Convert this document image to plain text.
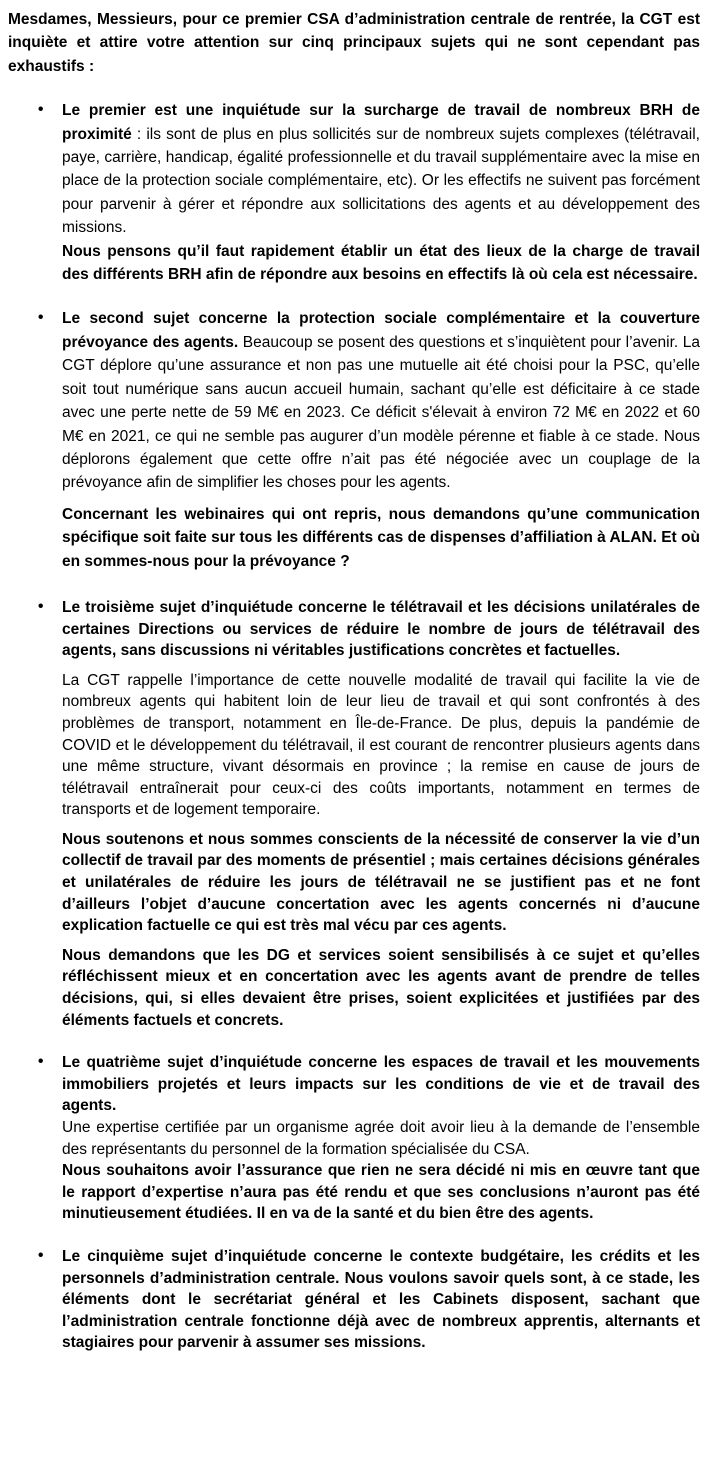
Mesdames, Messieurs, pour ce premier CSA d’administration centrale de rentrée, la CGT est inquiète et attire votre attention sur cinq principaux sujets qui ne sont cependant pas exhaustifs :

• Le premier est une inquiétude sur la surcharge de travail de nombreux BRH de proximité : ils sont de plus en plus sollicités sur de nombreux sujets complexes (télétravail, paye, carrière, handicap, égalité professionnelle et du travail supplémentaire avec la mise en place de la protection sociale complémentaire, etc). Or les effectifs ne suivent pas forcément pour parvenir à gérer et répondre aux sollicitations des agents et au développement des missions.

Nous pensons qu’il faut rapidement établir un état des lieux de la charge de travail des différents BRH afin de répondre aux besoins en effectifs là où cela est nécessaire.

• Le second sujet concerne la protection sociale complémentaire et la couverture prévoyance des agents. Beaucoup se posent des questions et s’inquiètent pour l’avenir. La CGT déplore qu’une assurance et non pas une mutuelle ait été choisi pour la PSC, qu’elle soit tout numérique sans aucun accueil humain, sachant qu’elle est déficitaire à ce stade avec une perte nette de 59 M€ en 2023. Ce déficit s'élevait à environ 72 M€ en 2022 et 60 M€ en 2021, ce qui ne semble pas augurer d’un modèle pérenne et fiable à ce stade. Nous déplorons également que cette offre n’ait pas été négociée avec un couplage de la prévoyance afin de simplifier les choses pour les agents.

Concernant les webinaires qui ont repris, nous demandons qu’une communication spécifique soit faite sur tous les différents cas de dispenses d’affiliation à ALAN. Et où en sommes-nous pour la prévoyance ?

• Le troisième sujet d’inquiétude concerne le télétravail et les décisions unilatérales de certaines Directions ou services de réduire le nombre de jours de télétravail des agents, sans discussions ni véritables justifications concrètes et factuelles.

La CGT rappelle l’importance de cette nouvelle modalité de travail qui facilite la vie de nombreux agents qui habitent loin de leur lieu de travail et qui sont confrontés à des problèmes de transport, notamment en Île-de-France. De plus, depuis la pandémie de COVID et le développement du télétravail, il est courant de rencontrer plusieurs agents dans une même structure, vivant désormais en province ; la remise en cause de jours de télétravail entraînerait pour ceux-ci des coûts importants, notamment en termes de transports et de logement temporaire.

Nous soutenons et nous sommes conscients de la nécessité de conserver la vie d’un collectif de travail par des moments de présentiel ; mais certaines décisions générales et unilatérales de réduire les jours de télétravail ne se justifient pas et ne font d’ailleurs l’objet d’aucune concertation avec les agents concernés ni d’aucune explication factuelle ce qui est très mal vécu par ces agents.

Nous demandons que les DG et services soient sensibilisés à ce sujet et qu’elles réfléchissent mieux et en concertation avec les agents avant de prendre de telles décisions, qui, si elles devaient être prises, soient explicitées et justifiées par des éléments factuels et concrets.

• Le quatrième sujet d’inquiétude concerne les espaces de travail et les mouvements immobiliers projetés et leurs impacts sur les conditions de vie et de travail des agents.

Une expertise certifiée par un organisme agrée doit avoir lieu à la demande de l’ensemble des représentants du personnel de la formation spécialisée du CSA.

Nous souhaitons avoir l’assurance que rien ne sera décidé ni mis en œuvre tant que le rapport d’expertise n’aura pas été rendu et que ses conclusions n’auront pas été minutieusement étudiées. Il en va de la santé et du bien être des agents.

• Le cinquième sujet d’inquiétude concerne le contexte budgétaire, les crédits et les personnels d’administration centrale. Nous voulons savoir quels sont, à ce stade, les éléments dont le secrétariat général et les Cabinets disposent, sachant que l’administration centrale fonctionne déjà avec de nombreux apprentis, alternants et stagiaires pour parvenir à assumer ses missions.
